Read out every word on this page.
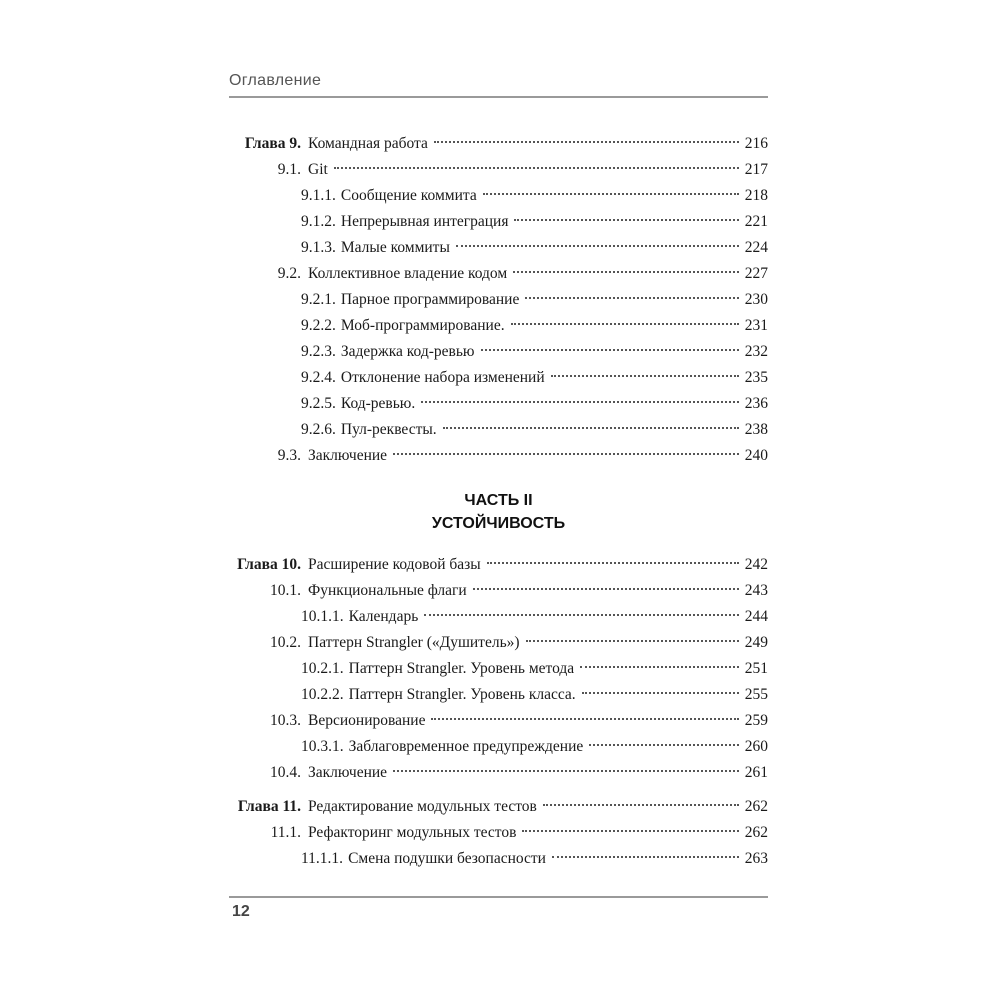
Оглавление
Глава 9. Командная работа	216
9.1. Git	217
9.1.1. Сообщение коммита	218
9.1.2. Непрерывная интеграция	221
9.1.3. Малые коммиты	224
9.2. Коллективное владение кодом	227
9.2.1. Парное программирование	230
9.2.2. Моб-программирование.	231
9.2.3. Задержка код-ревью	232
9.2.4. Отклонение набора изменений	235
9.2.5. Код-ревью.	236
9.2.6. Пул-реквесты.	238
9.3. Заключение	240
Глава 10. Расширение кодовой базы	242
10.1. Функциональные флаги	243
10.1.1. Календарь	244
10.2. Паттерн Strangler («Душитель»)	249
10.2.1. Паттерн Strangler. Уровень метода	251
10.2.2. Паттерн Strangler. Уровень класса.	255
10.3. Версионирование	259
10.3.1. Заблаговременное предупреждение	260
10.4. Заключение	261
Глава 11. Редактирование модульных тестов	262
11.1. Рефакторинг модульных тестов	262
11.1.1. Смена подушки безопасности	263
ЧАСТЬ II
УСТОЙЧИВОСТЬ
12
